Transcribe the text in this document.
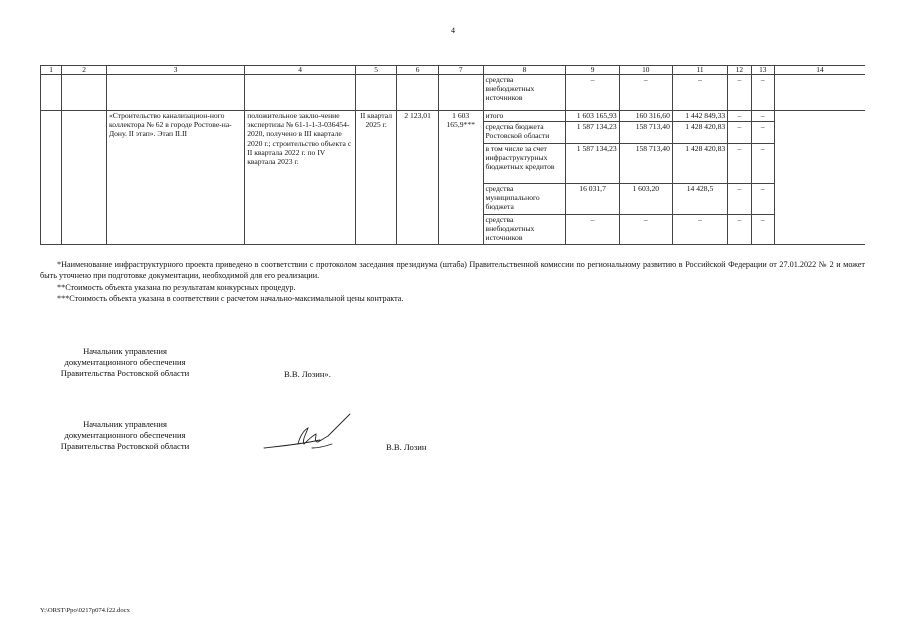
4
1	2	3	4	5	6	7	8	9	10	11	12	13	14
							средства внебюджетных источников	–	–	–	–	–	
		«Строительство канализацион-ного коллектора № 62 в городе Ростове-на-Дону. II этап». Этап II.II	положительное заклю-чение экспертизы № 61-1-1-3-036454-2020, получено в III квартале 2020 г.; строительство объекта с II квартала 2022 г. по IV квартала 2023 г.	II квартал 2025 г.	2 123,01	1 603 165,9***	итого	1 603 165,93	160 316,60	1 442 849,33	–	–	
							средства бюджета Ростовской области	1 587 134,23	158 713,40	1 428 420,83	–	–	
							в том числе за счет инфраструктурных бюджетных кредитов	1 587 134,23	158 713,40	1 428 420,83	–	–	
							средства муниципального бюджета	16 031,7	1 603,20	14 428,5	–	–	
							средства внебюджетных источников	–	–	–	–	–	

*Наименование инфраструктурного проекта приведено в соответствии с протоколом заседания президиума (штаба) Правительственной комиссии по региональному развитию в Российской Федерации от 27.01.2022 № 2 и может быть уточнено при подготовке документации, необходимой для его реализации.

**Стоимость объекта указана по результатам конкурсных процедур.

***Стоимость объекта указана в соответствии с расчетом начально-максимальной цены контракта.

Начальник управления
документационного обеспечения
Правительства Ростовской области	В.В. Лозин».
Начальник управления
документационного обеспечения
Правительства Ростовской области	В.В. Лозин
Y:\ORST\Ppo\0217p074.f22.docx
